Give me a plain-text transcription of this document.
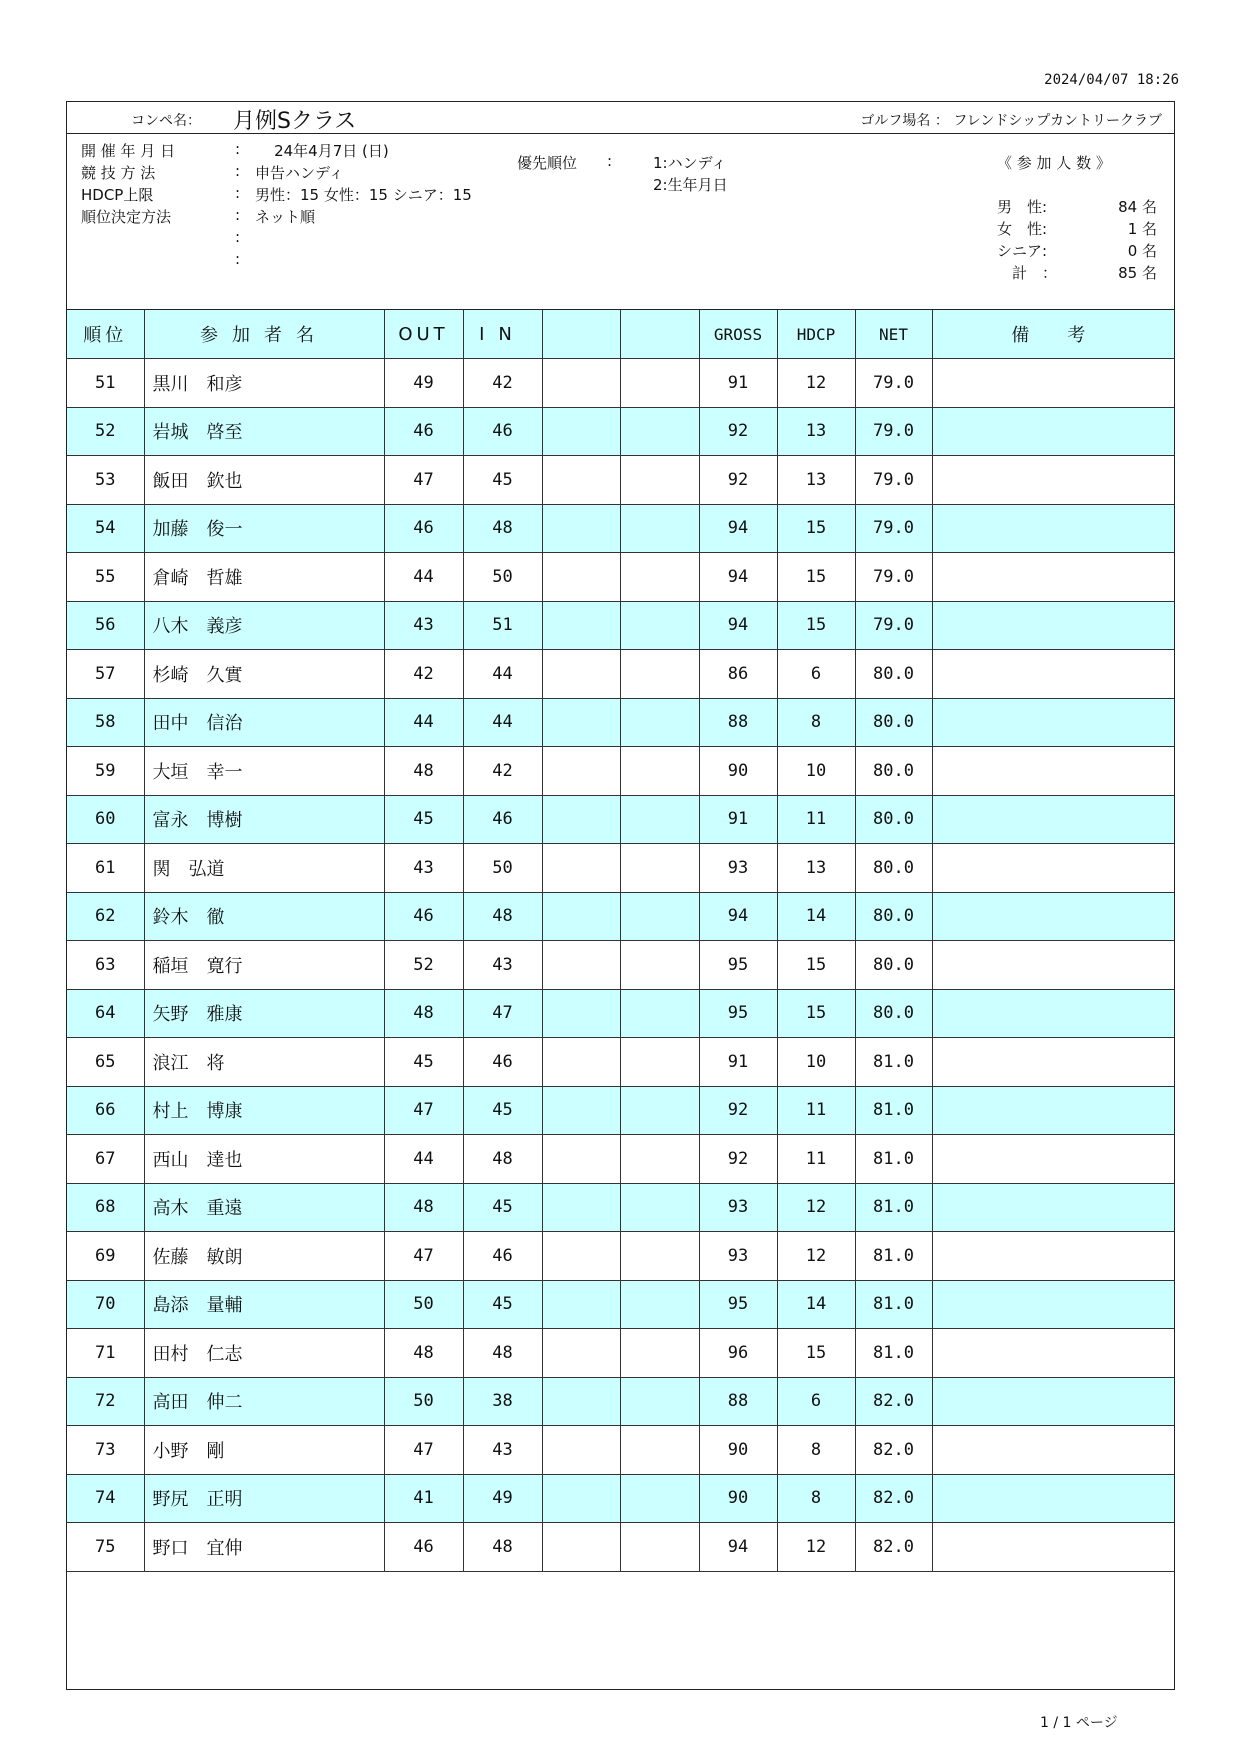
2024/04/07 18:26
コンペ名： 月例Sクラス	ゴルフ場名 ： フレンドシップカントリークラブ
開 催 年 月 日	: 24年4月7日 (日)
競 技 方 法	: 申告ハンディ
HDCP上限	: 男性：15 女性：15 シニア：15
順位決定方法	: ネット順
:
:
優先順位 :	1:ハンディ
2:生年月日
《 参 加 人 数 》
男　性:	84 名
女　性:	1 名
シニア:	0 名
　計　：	85 名
順位	参加者名	OUT	IN			GROSS	HDCP	NET	備　考
51	黒川　和彦	49	42			91	12	79.0	
52	岩城　啓至	46	46			92	13	79.0	
53	飯田　欽也	47	45			92	13	79.0	
54	加藤　俊一	46	48			94	15	79.0	
55	倉崎　哲雄	44	50			94	15	79.0	
56	八木　義彦	43	51			94	15	79.0	
57	杉崎　久實	42	44			86	6	80.0	
58	田中　信治	44	44			88	8	80.0	
59	大垣　幸一	48	42			90	10	80.0	
60	富永　博樹	45	46			91	11	80.0	
61	関　弘道	43	50			93	13	80.0	
62	鈴木　徹	46	48			94	14	80.0	
63	稲垣　寛行	52	43			95	15	80.0	
64	矢野　雅康	48	47			95	15	80.0	
65	浪江　将	45	46			91	10	81.0	
66	村上　博康	47	45			92	11	81.0	
67	西山　達也	44	48			92	11	81.0	
68	高木　重遠	48	45			93	12	81.0	
69	佐藤　敏朗	47	46			93	12	81.0	
70	島添　量輔	50	45			95	14	81.0	
71	田村　仁志	48	48			96	15	81.0	
72	高田　伸二	50	38			88	6	82.0	
73	小野　剛	47	43			90	8	82.0	
74	野尻　正明	41	49			90	8	82.0	
75	野口　宜伸	46	48			94	12	82.0	
1 / 1 ページ
